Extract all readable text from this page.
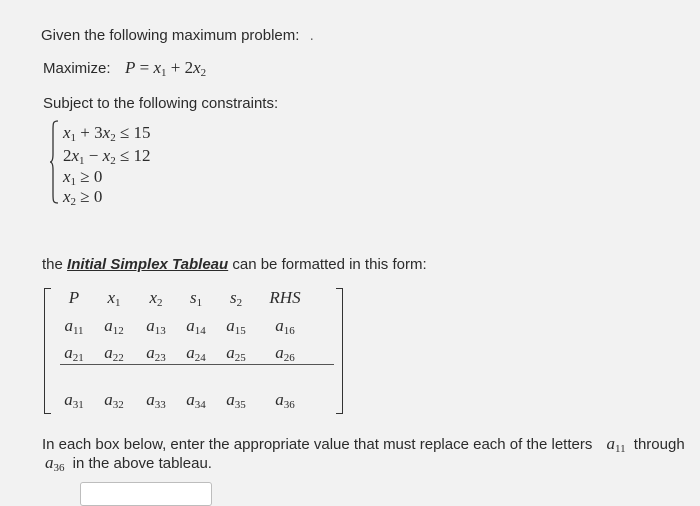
Given the following maximum problem: .
Maximize: $P = x_1 + 2x_2$
Subject to the following constraints:
$x_1 + 3x_2 \le 15$
$2x_1 - x_2 \le 12$
$x_1 \ge 0$
$x_2 \ge 0$
the Initial Simplex Tableau can be formatted in this form:
P	$x_1$	$x_2$	$s_1$	$s_2$	RHS
$a_{11}$	$a_{12}$	$a_{13}$	$a_{14}$	$a_{15}$	$a_{16}$
$a_{21}$	$a_{22}$	$a_{23}$	$a_{24}$	$a_{25}$	$a_{26}$
$a_{31}$	$a_{32}$	$a_{33}$	$a_{34}$	$a_{35}$	$a_{36}$
In each box below, enter the appropriate value that must replace each of the letters $a_{11}$ through
$a_{36}$ in the above tableau.
